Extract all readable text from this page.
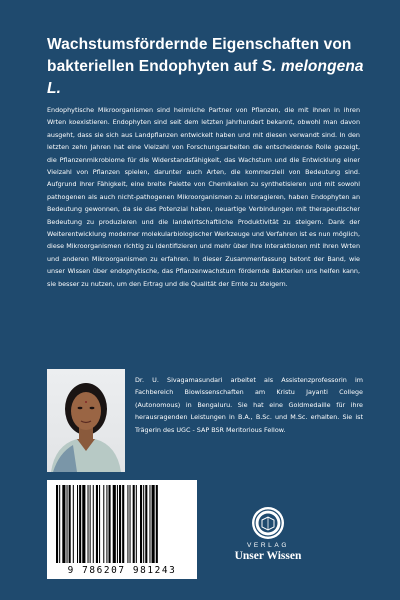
Wachstumsfördernde Eigenschaften von bakteriellen Endophyten auf S. melongena L.

Endophytische Mikroorganismen sind heimliche Partner von Pflanzen, die mit ihnen in ihren Wrten koexistieren. Endophyten sind seit dem letzten Jahrhundert bekannt, obwohl man davon ausgeht, dass sie sich aus Landpflanzen entwickelt haben und mit diesen verwandt sind. In den letzten zehn Jahren hat eine Vielzahl von Forschungsarbeiten die entscheidende Rolle gezeigt, die Pflanzenmikrobiome für die Widerstandsfähigkeit, das Wachstum und die Entwicklung einer Vielzahl von Pflanzen spielen, darunter auch Arten, die kommerziell von Bedeutung sind. Aufgrund ihrer Fähigkeit, eine breite Palette von Chemikalien zu synthetisieren und mit sowohl pathogenen als auch nicht-pathogenen Mikroorganismen zu interagieren, haben Endophyten an Bedeutung gewonnen, da sie das Potenzial haben, neuartige Verbindungen mit therapeutischer Bedeutung zu produzieren und die landwirtschaftliche Produktivität zu steigern. Dank der Weiterentwicklung moderner molekularbiologischer Werkzeuge und Verfahren ist es nun möglich, diese Mikroorganismen richtig zu identifizieren und mehr über ihre Interaktionen mit ihren Wrten und anderen Mikroorganismen zu erfahren. In dieser Zusammenfassung betont der Band, wie unser Wissen über endophytische, das Pflanzenwachstum fördernde Bakterien uns helfen kann, sie besser zu nutzen, um den Ertrag und die Qualität der Ernte zu steigern.

Dr. U. Sivagamasundari arbeitet als Assistenzprofessorin im Fachbereich Biowissenschaften am Kristu Jayanti College (Autonomous) in Bengaluru. Sie hat eine Goldmedaille für ihre herausragenden Leistungen in B.A., B.Sc. und M.Sc. erhalten. Sie ist Trägerin des UGC - SAP BSR Meritorious Fellow.

9 786207 981243
VERLAG
Unser Wissen
